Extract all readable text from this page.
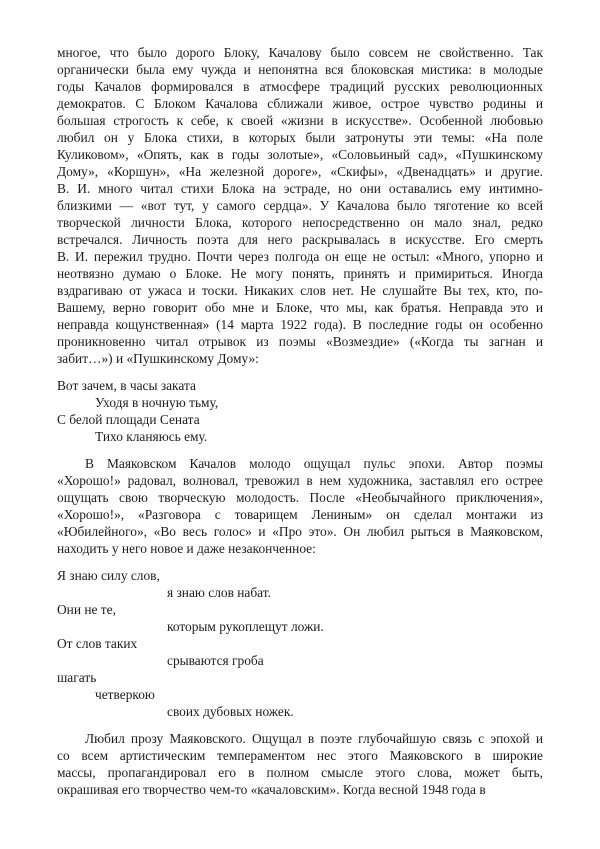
многое, что было дорого Блоку, Качалову было совсем не свойственно. Так
органически была ему чужда и непонятна вся блоковская мистика: в молодые
годы Качалов формировался в атмосфере традиций русских революционных
демократов. С Блоком Качалова сближали живое, острое чувство родины и
большая строгость к себе, к своей «жизни в искусстве». Особенной любовью
любил он у Блока стихи, в которых были затронуты эти темы: «На поле
Куликовом», «Опять, как в годы золотые», «Соловьиный сад», «Пушкинскому
Дому», «Коршун», «На железной дороге», «Скифы», «Двенадцать» и другие.
В. И. много читал стихи Блока на эстраде, но они оставались ему интимно-
близкими — «вот тут, у самого сердца». У Качалова было тяготение ко всей
творческой личности Блока, которого непосредственно он мало знал, редко
встречался. Личность поэта для него раскрывалась в искусстве. Его смерть
В. И. пережил трудно. Почти через полгода он еще не остыл: «Много, упорно и
неотвязно думаю о Блоке. Не могу понять, принять и примириться. Иногда
вздрагиваю от ужаса и тоски. Никаких слов нет. Не слушайте Вы тех, кто, по-
Вашему, верно говорит обо мне и Блоке, что мы, как братья. Неправда это и
неправда кощунственная» (14 марта 1922 года). В последние годы он особенно
проникновенно читал отрывок из поэмы «Возмездие» («Когда ты загнан и
забит…») и «Пушкинскому Дому»:
Вот зачем, в часы заката
Уходя в ночную тьму,
С белой площади Сената
Тихо кланяюсь ему.
В Маяковском Качалов молодо ощущал пульс эпохи. Автор поэмы
«Хорошо!» радовал, волновал, тревожил в нем художника, заставлял его острее
ощущать свою творческую молодость. После «Необычайного приключения»,
«Хорошо!», «Разговора с товарищем Лениным» он сделал монтажи из
«Юбилейного», «Во весь голос» и «Про это». Он любил рыться в Маяковском,
находить у него новое и даже незаконченное:
Я знаю силу слов,
я знаю слов набат.
Они не те,
которым рукоплещут ложи.
От слов таких
срываются гроба
шагать
четверкою
своих дубовых ножек.
Любил прозу Маяковского. Ощущал в поэте глубочайшую связь с эпохой и
со всем артистическим темпераментом нес этого Маяковского в широкие
массы, пропагандировал его в полном смысле этого слова, может быть,
окрашивая его творчество чем-то «качаловским». Когда весной 1948 года в
